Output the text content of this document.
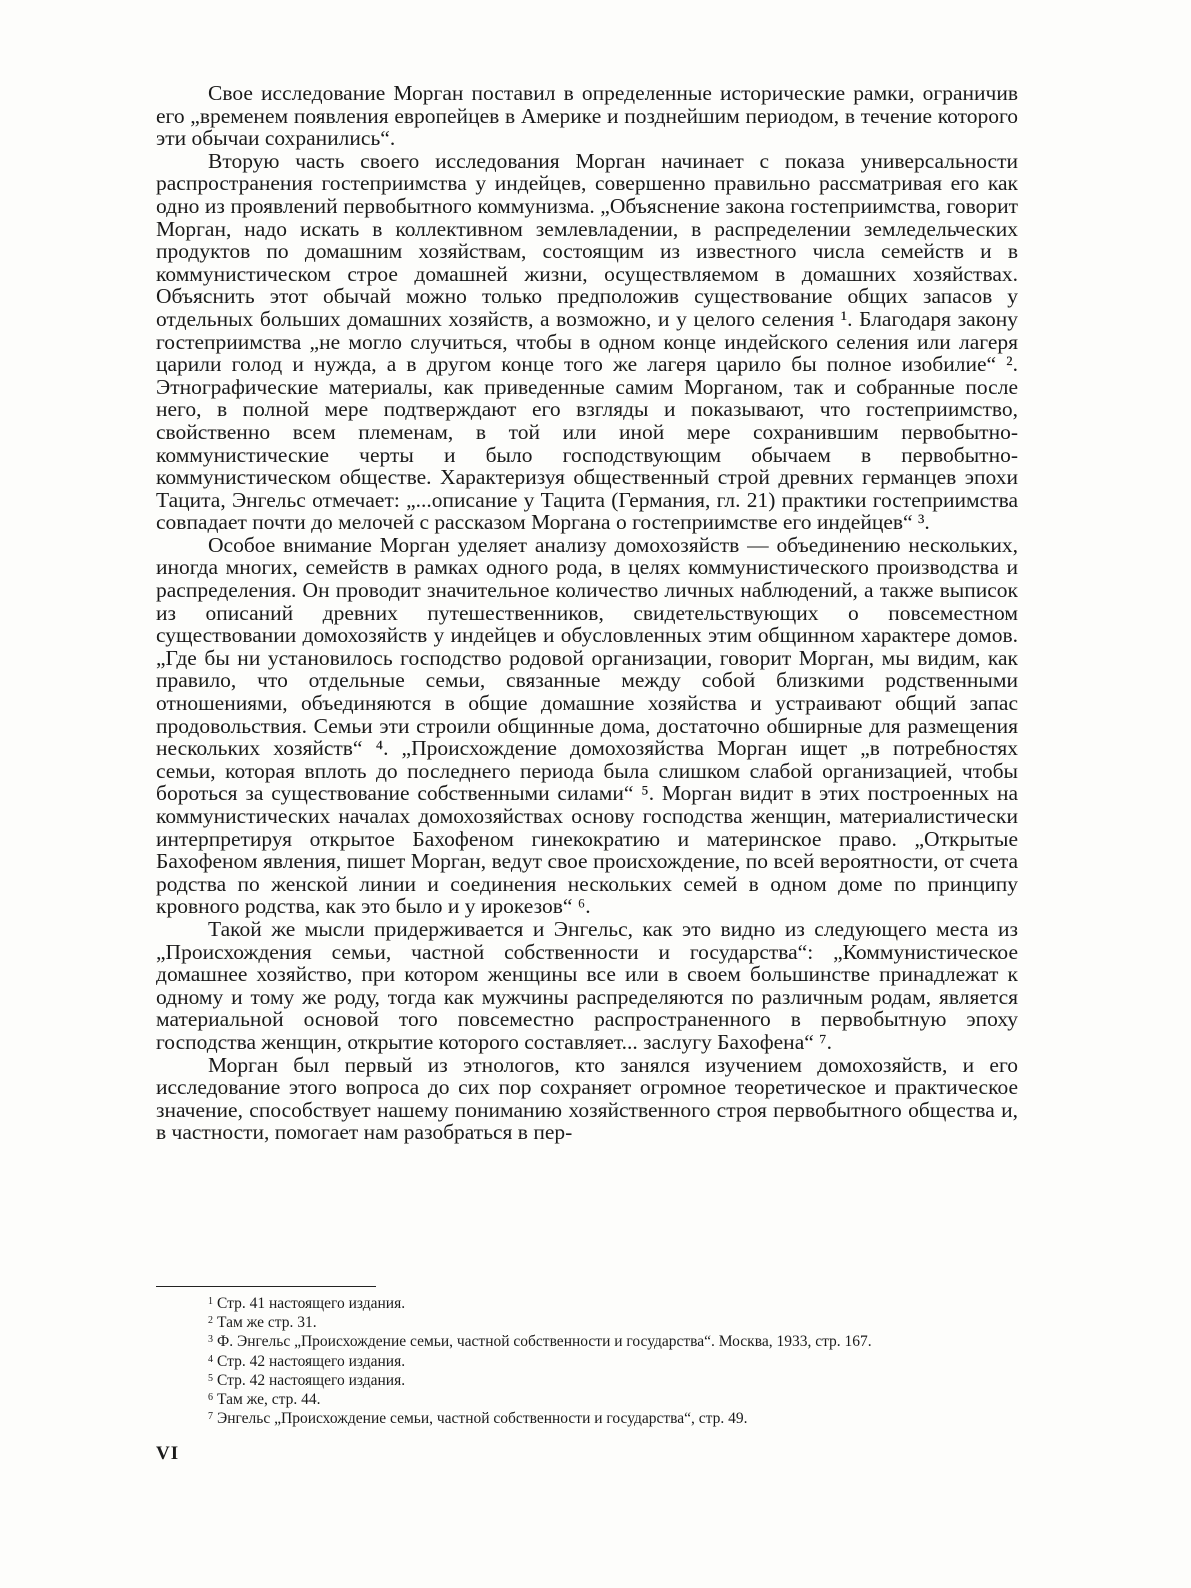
Свое исследование Морган поставил в определенные исторические рамки, ограничив его „временем появления европейцев в Америке и позднейшим периодом, в течение которого эти обычаи сохранились“.

Вторую часть своего исследования Морган начинает с показа универсальности распространения гостеприимства у индейцев, совершенно правильно рассматривая его как одно из проявлений первобытного коммунизма. „Объяснение закона гостеприимства, говорит Морган, надо искать в коллективном землевладении, в распределении земледельческих продуктов по домашним хозяйствам, состоящим из известного числа семейств и в коммунистическом строе домашней жизни, осуществляемом в домашних хозяйствах. Объяснить этот обычай можно только предположив существование общих запасов у отдельных больших домашних хозяйств, а возможно, и у целого селения ¹. Благодаря закону гостеприимства „не могло случиться, чтобы в одном конце индейского селения или лагеря царили голод и нужда, а в другом конце того же лагеря царило бы полное изобилие“ ². Этнографические материалы, как приведенные самим Морганом, так и собранные после него, в полной мере подтверждают его взгляды и показывают, что гостеприимство, свойственно всем племенам, в той или иной мере сохранившим первобытно-коммунистические черты и было господствующим обычаем в первобытно-коммунистическом обществе. Характеризуя общественный строй древних германцев эпохи Тацита, Энгельс отмечает: „...описание у Тацита (Германия, гл. 21) практики гостеприимства совпадает почти до мелочей с рассказом Моргана о гостеприимстве его индейцев“ ³.

Особое внимание Морган уделяет анализу домохозяйств — объединению нескольких, иногда многих, семейств в рамках одного рода, в целях коммунистического производства и распределения. Он проводит значительное количество личных наблюдений, а также выписок из описаний древних путешественников, свидетельствующих о повсеместном существовании домохозяйств у индейцев и обусловленных этим общинном характере домов. „Где бы ни установилось господство родовой организации, говорит Морган, мы видим, как правило, что отдельные семьи, связанные между собой близкими родственными отношениями, объединяются в общие домашние хозяйства и устраивают общий запас продовольствия. Семьи эти строили общинные дома, достаточно обширные для размещения нескольких хозяйств“ ⁴. „Происхождение домохозяйства Морган ищет „в потребностях семьи, которая вплоть до последнего периода была слишком слабой организацией, чтобы бороться за существование собственными силами“ ⁵. Морган видит в этих построенных на коммунистических началах домохозяйствах основу господства женщин, материалистически интерпретируя открытое Бахофеном гинекократию и материнское право. „Открытые Бахофеном явления, пишет Морган, ведут свое происхождение, по всей вероятности, от счета родства по женской линии и соединения нескольких семей в одном доме по принципу кровного родства, как это было и у ирокезов“ ⁶.

Такой же мысли придерживается и Энгельс, как это видно из следующего места из „Происхождения семьи, частной собственности и государства“: „Коммунистическое домашнее хозяйство, при котором женщины все или в своем большинстве принадлежат к одному и тому же роду, тогда как мужчины распределяются по различным родам, является материальной основой того повсеместно распространенного в первобытную эпоху господства женщин, открытие которого составляет... заслугу Бахофена“ ⁷.

Морган был первый из этнологов, кто занялся изучением домохозяйств, и его исследование этого вопроса до сих пор сохраняет огромное теоретическое и практическое значение, способствует нашему пониманию хозяйственного строя первобытного общества и, в частности, помогает нам разобраться в пер-

$^1$ Стр. 41 настоящего издания.

$^2$ Там же стр. 31.

$^3$ Ф. Энгельс „Происхождение семьи, частной собственности и государства“. Москва, 1933, стр. 167.

$^4$ Стр. 42 настоящего издания.

$^5$ Стр. 42 настоящего издания.

$^6$ Там же, стр. 44.

$^7$ Энгельс „Происхождение семьи, частной собственности и государства“, стр. 49.

VI
